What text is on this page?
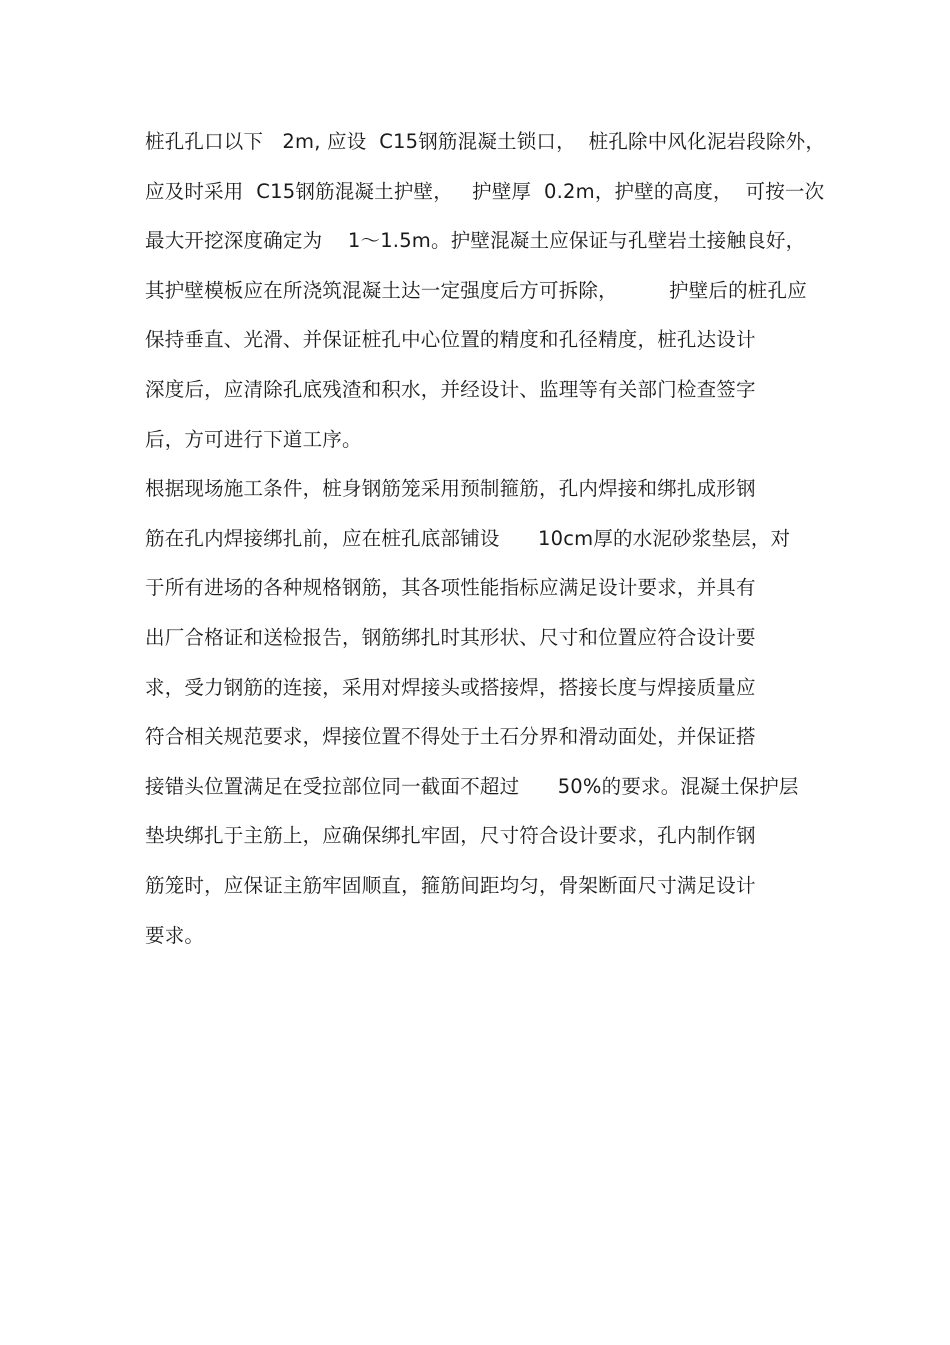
桩孔孔口以下   2m, 应设  C15钢筋混凝土锁口，  桩孔除中风化泥岩段除外，
应及时采用  C15钢筋混凝土护壁，   护壁厚  0.2m，护壁的高度，  可按一次
最大开挖深度确定为    1～1.5m。护壁混凝土应保证与孔壁岩土接触良好，
其护壁模板应在所浇筑混凝土达一定强度后方可拆除，        护壁后的桩孔应
保持垂直、光滑、并保证桩孔中心位置的精度和孔径精度，桩孔达设计
深度后，应清除孔底残渣和积水，并经设计、监理等有关部门检查签字
后，方可进行下道工序。
根据现场施工条件，桩身钢筋笼采用预制箍筋，孔内焊接和绑扎成形钢
筋在孔内焊接绑扎前，应在桩孔底部铺设      10cm厚的水泥砂浆垫层，对
于所有进场的各种规格钢筋，其各项性能指标应满足设计要求，并具有
出厂合格证和送检报告，钢筋绑扎时其形状、尺寸和位置应符合设计要
求，受力钢筋的连接，采用对焊接头或搭接焊，搭接长度与焊接质量应
符合相关规范要求，焊接位置不得处于土石分界和滑动面处，并保证搭
接错头位置满足在受拉部位同一截面不超过      50%的要求。混凝土保护层
垫块绑扎于主筋上，应确保绑扎牢固，尺寸符合设计要求，孔内制作钢
筋笼时，应保证主筋牢固顺直，箍筋间距均匀，骨架断面尺寸满足设计
要求。
